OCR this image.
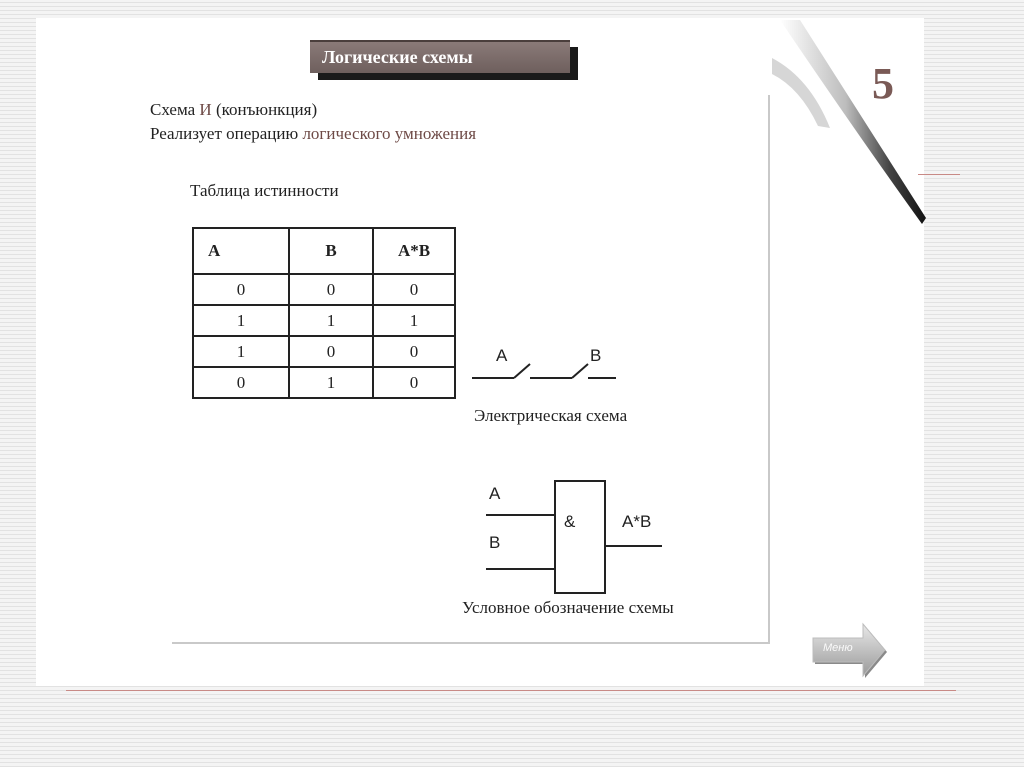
Логические схемы
5
Схема И (конъюнкция)
Реализует операцию логического умножения
Таблица истинности
A	B	A*B
0	0	0
1	1	1
1	0	0
0	1	0
A	B
Электрическая схема
A
B
&	A*B
Условное обозначение схемы
Меню
